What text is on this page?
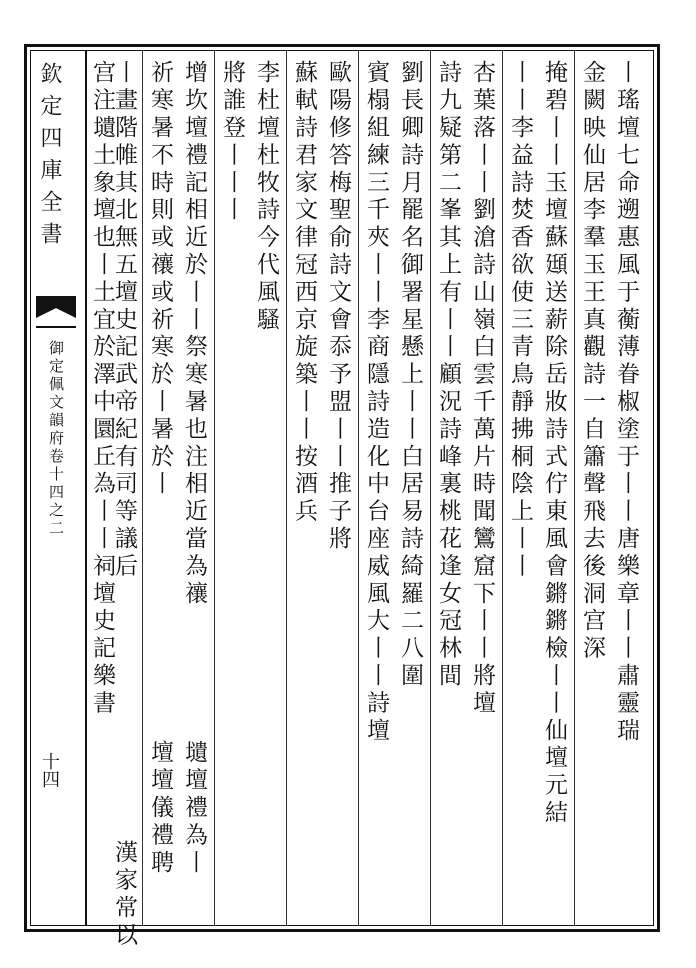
欽定四庫全書
御定佩文韻府卷十四之二
十四
丨瑤壇七命遡惠風于蘅薄眷椒塗于丨丨唐樂章丨丨肅靈瑞
金闕映仙居李羣玉王真觀詩一自簫聲飛去後洞宫深
掩碧丨丨玉壇蘇頲送薪除岳妝詩式佇東風會鏘鏘檢丨丨仙壇元結
丨丨李益詩焚香欲使三青鳥靜拂桐陰上丨丨
杏葉落丨丨劉滄詩山嶺白雲千萬片時聞鸞窟下丨丨將壇
詩九疑第二峯其上有丨丨顧況詩峰裏桃花逢女冠林間
劉長卿詩月罷名御署星懸上丨丨白居易詩綺羅二八圍
賓榻組練三千夾丨丨李商隱詩造化中台座威風大丨丨詩壇
歐陽修答梅聖俞詩文會忝予盟丨丨推子將
蘇軾詩君家文律冠西京旋築丨丨按酒兵
李杜壇杜牧詩今代風騷
將誰登丨丨丨
增坎壇禮記相近於丨丨祭寒暑也注相近當為禳
祈寒暑不時則或禳或祈寒於丨暑於丨
丨畫階帷其北無五壇史記武帝紀有司等議后
宫注壝土象壇也丨土宜於澤中圜丘為丨丨祠壇史記樂書
漢家常以
壝壇禮為丨
壇壇儀禮聘
